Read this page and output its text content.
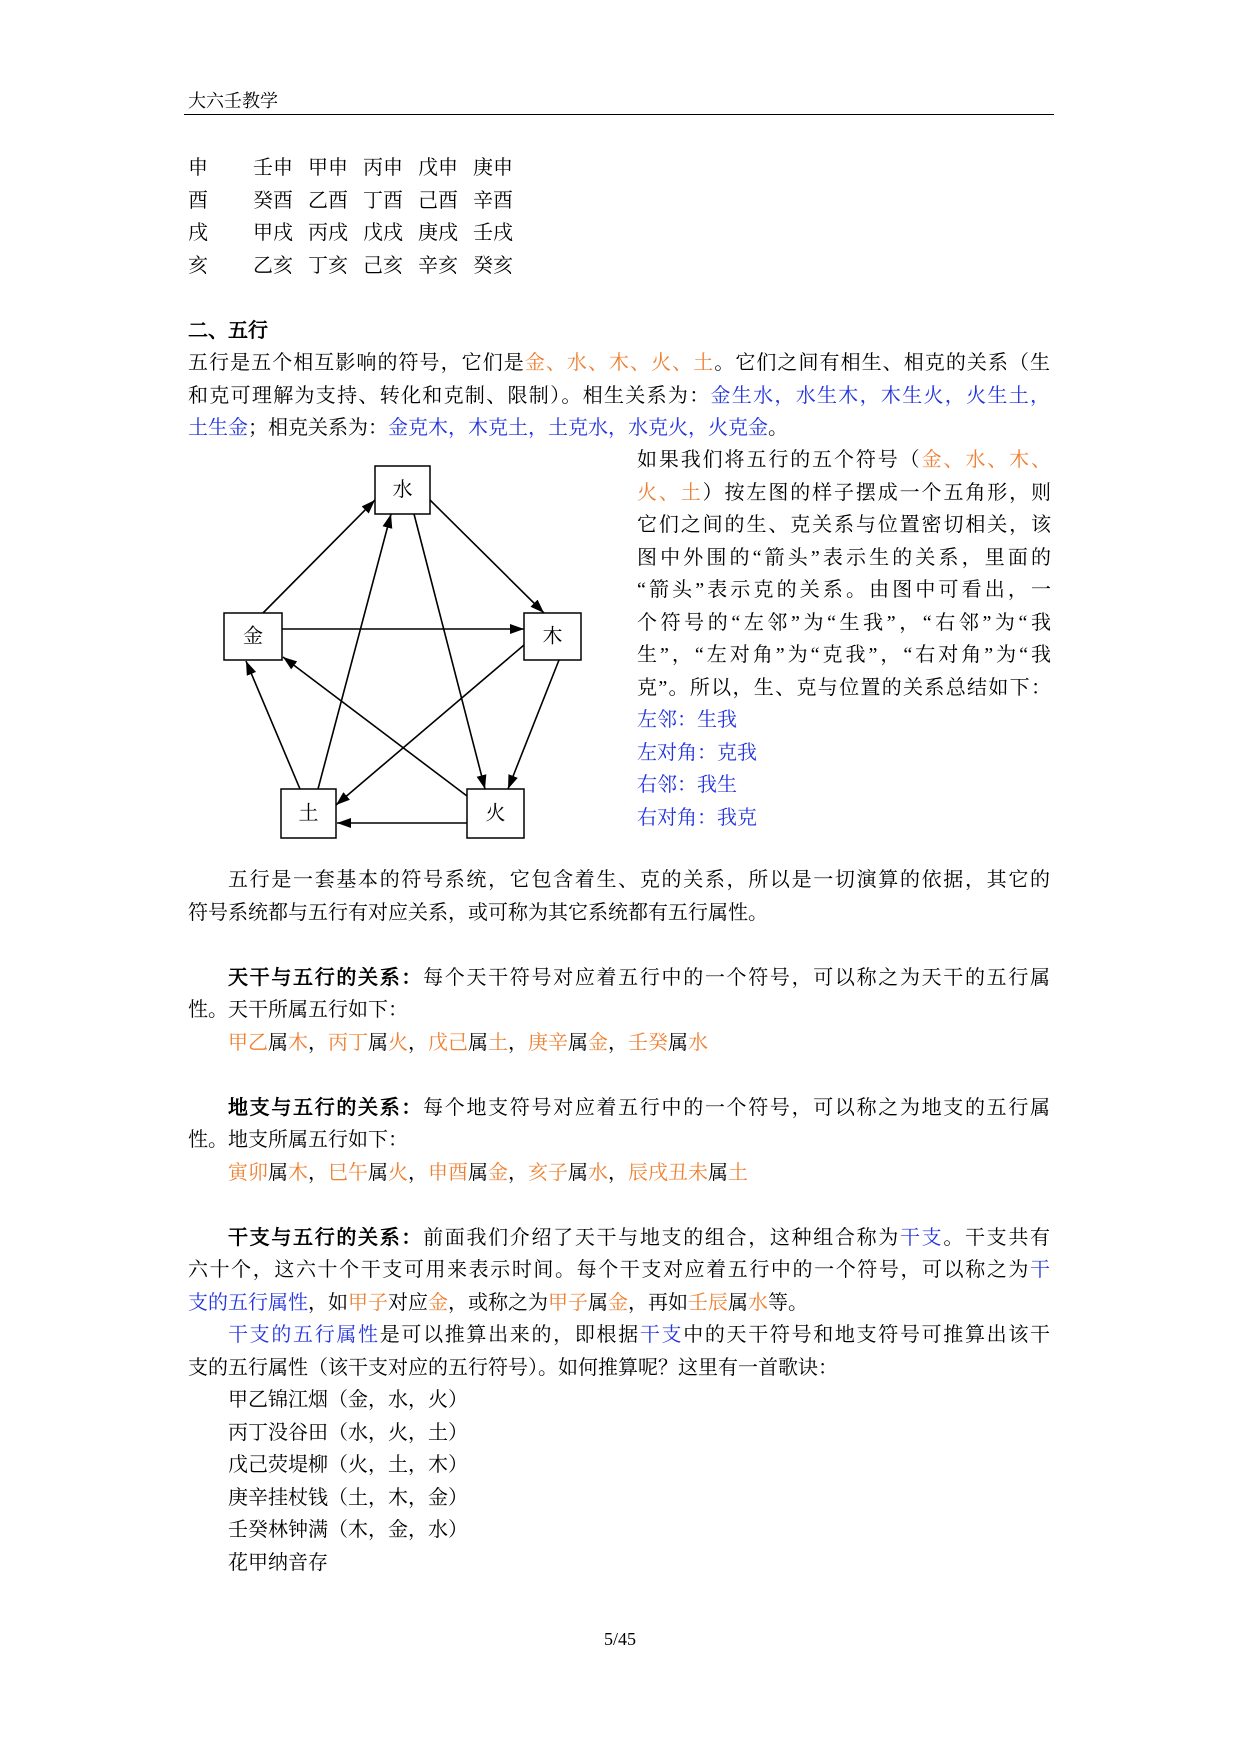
大六壬教学
申 壬申 甲申 丙申 戊申 庚申
酉 癸酉 乙酉 丁酉 己酉 辛酉
戌 甲戌 丙戌 戊戌 庚戌 壬戌
亥 乙亥 丁亥 己亥 辛亥 癸亥
二、五行
五行是五个相互影响的符号，它们是金、水、木、火、土。它们之间有相生、相克的关系（生
和克可理解为支持、转化和克制、限制）。相生关系为：金生水，水生木，木生火，火生土，
土生金；相克关系为：金克木，木克土，土克水，水克火，火克金。
水
金	木
土	火
如果我们将五行的五个符号（金、水、木、
火、土）按左图的样子摆成一个五角形，则
它们之间的生、克关系与位置密切相关，该
图中外围的“箭头”表示生的关系，里面的
“箭头”表示克的关系。由图中可看出，一
个符号的“左邻”为“生我”，“右邻”为“我
生”，“左对角”为“克我”，“右对角”为“我
克”。所以，生、克与位置的关系总结如下：
左邻：生我
左对角：克我
右邻：我生
右对角：我克
五行是一套基本的符号系统，它包含着生、克的关系，所以是一切演算的依据，其它的
符号系统都与五行有对应关系，或可称为其它系统都有五行属性。
天干与五行的关系：每个天干符号对应着五行中的一个符号，可以称之为天干的五行属
性。天干所属五行如下：
甲乙属木，丙丁属火，戊己属土，庚辛属金，壬癸属水
地支与五行的关系：每个地支符号对应着五行中的一个符号，可以称之为地支的五行属
性。地支所属五行如下：
寅卯属木，巳午属火，申酉属金，亥子属水，辰戌丑未属土
干支与五行的关系：前面我们介绍了天干与地支的组合，这种组合称为干支。干支共有
六十个，这六十个干支可用来表示时间。每个干支对应着五行中的一个符号，可以称之为干
支的五行属性，如甲子对应金，或称之为甲子属金，再如壬辰属水等。
干支的五行属性是可以推算出来的，即根据干支中的天干符号和地支符号可推算出该干
支的五行属性（该干支对应的五行符号）。如何推算呢？这里有一首歌诀：
甲乙锦江烟（金，水，火）
丙丁没谷田（水，火，土）
戊己荧堤柳（火，土，木）
庚辛挂杖钱（土，木，金）
壬癸林钟满（木，金，水）
花甲纳音存
5/45
